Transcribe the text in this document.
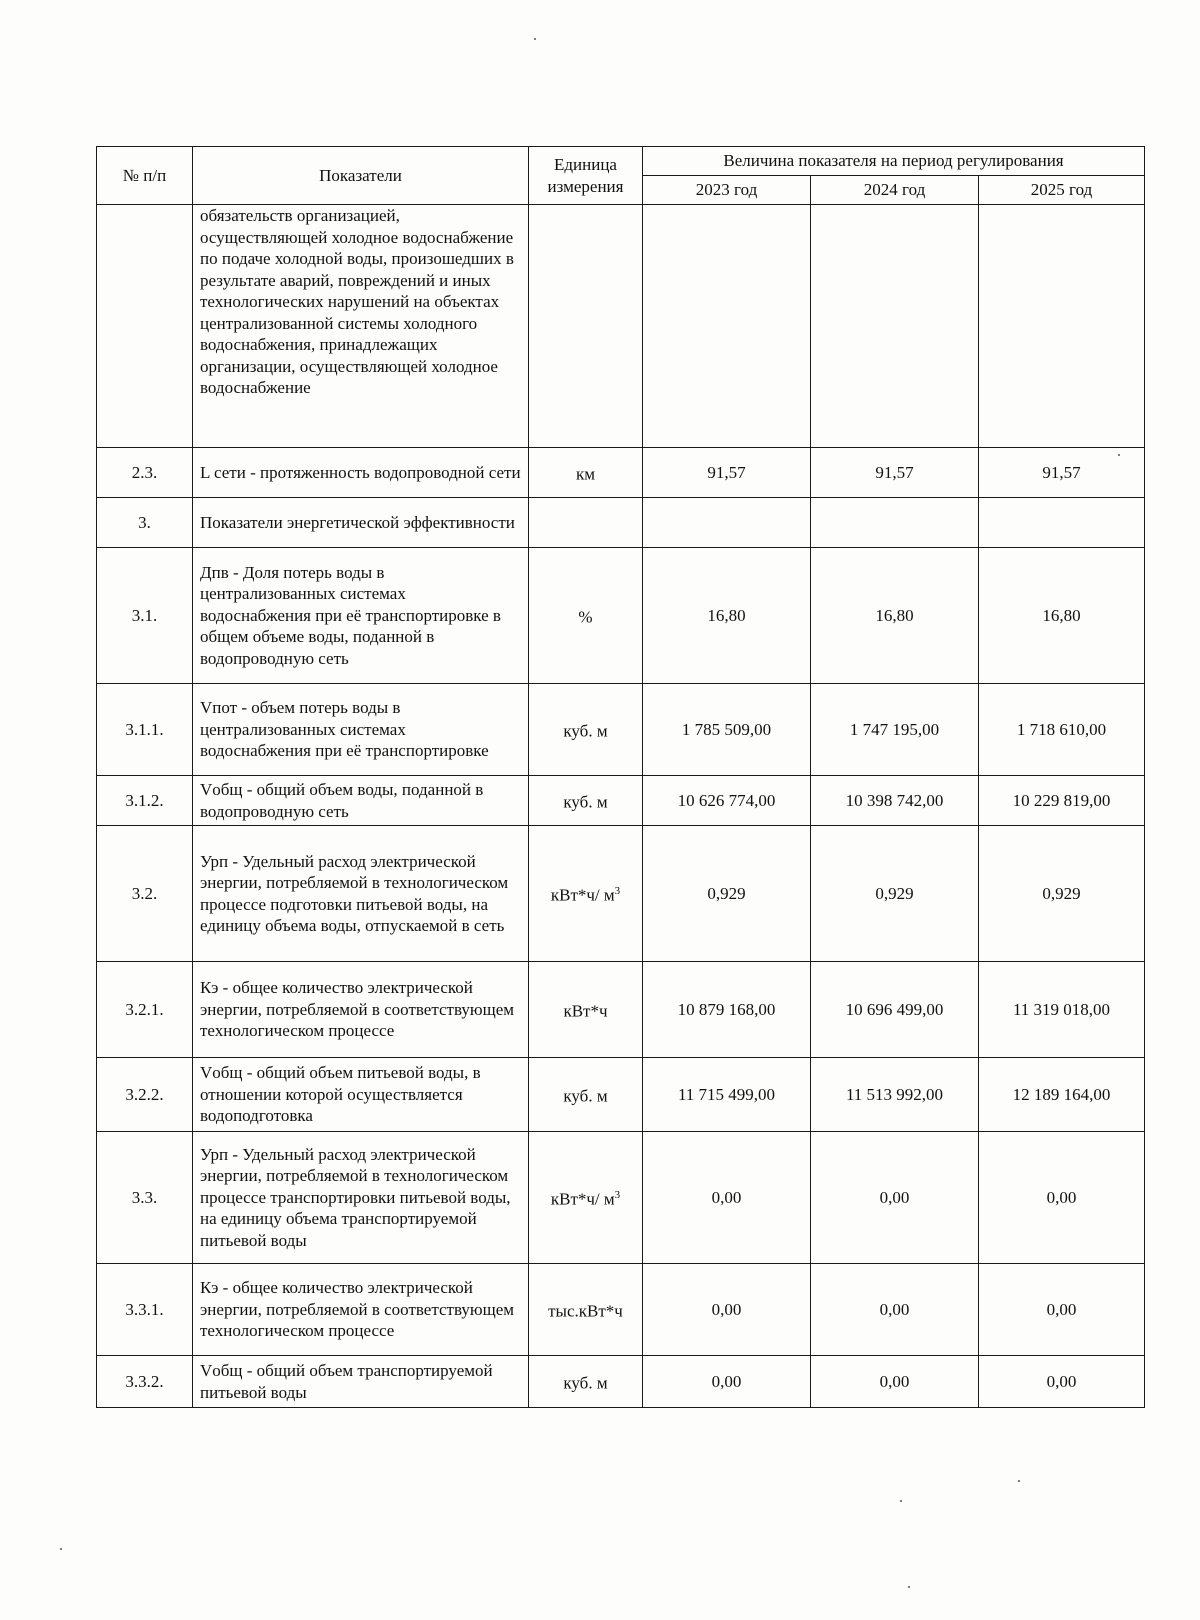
№ п/п	Показатели	Единица измерения	Величина показателя на период регулирования		
			2023 год	2024 год	2025 год
	обязательств организацией, осуществляющей холодное водоснабжение по подаче холодной воды, произошедших в результате аварий, повреждений и иных технологических нарушений на объектах централизованной системы холодного водоснабжения, принадлежащих организации, осуществляющей холодное водоснабжение				
2.3.	L сети - протяженность водопроводной сети	км	91,57	91,57	91,57
3.	Показатели энергетической эффективности				
3.1.	Дпв - Доля потерь воды в централизованных системах водоснабжения при её транспортировке в общем объеме воды, поданной в водопроводную сеть	%	16,80	16,80	16,80
3.1.1.	Vпот - объем потерь воды в централизованных системах водоснабжения при её транспортировке	куб. м	1 785 509,00	1 747 195,00	1 718 610,00
3.1.2.	Vобщ - общий объем воды, поданной в водопроводную сеть	куб. м	10 626 774,00	10 398 742,00	10 229 819,00
3.2.	Урп - Удельный расход электрической энергии, потребляемой в технологическом процессе подготовки питьевой воды, на единицу объема воды, отпускаемой в сеть	кВт*ч/ $м^3$	0,929	0,929	0,929
3.2.1.	Кэ - общее количество электрической энергии, потребляемой в соответствующем технологическом процессе	кВт*ч	10 879 168,00	10 696 499,00	11 319 018,00
3.2.2.	Vобщ - общий объем питьевой воды, в отношении которой осуществляется водоподготовка	куб. м	11 715 499,00	11 513 992,00	12 189 164,00
3.3.	Урп - Удельный расход электрической энергии, потребляемой в технологическом процессе транспортировки питьевой воды, на единицу объема транспортируемой питьевой воды	кВт*ч/ $м^3$	0,00	0,00	0,00
3.3.1.	Кэ - общее количество электрической энергии, потребляемой в соответствующем технологическом процессе	тыс.кВт*ч	0,00	0,00	0,00
3.3.2.	Vобщ - общий объем транспортируемой питьевой воды	куб. м	0,00	0,00	0,00
